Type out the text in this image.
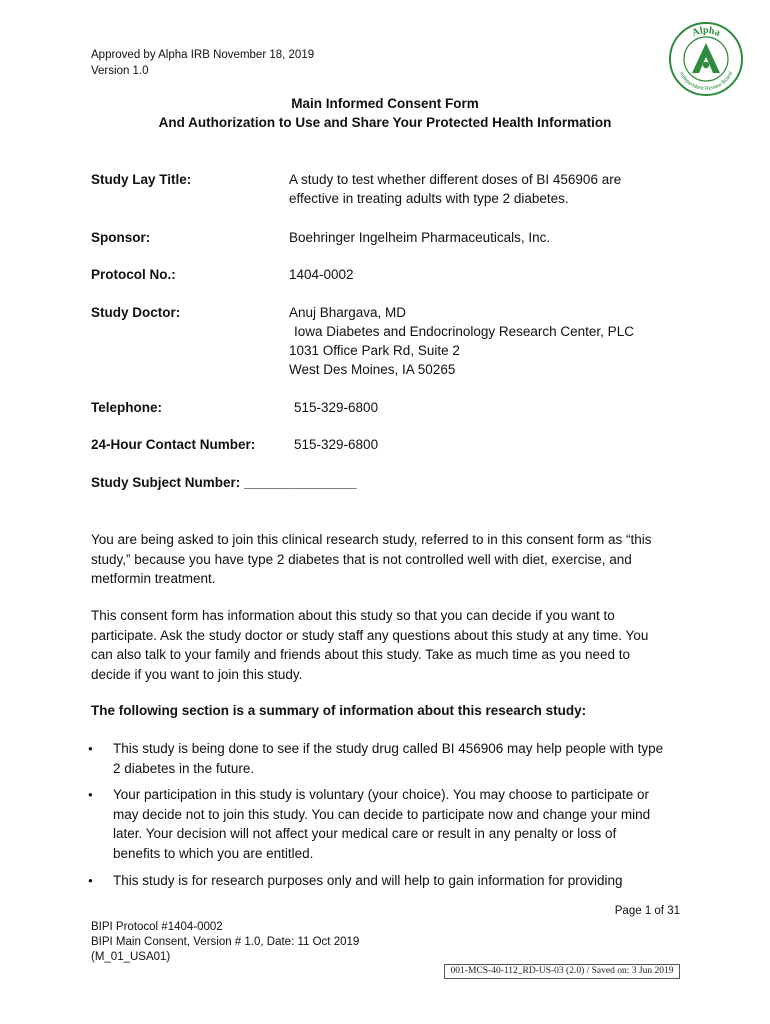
Approved by Alpha IRB November 18, 2019
Version 1.0
Alpha
Independent Review Board
Main Informed Consent Form
And Authorization to Use and Share Your Protected Health Information
Study Lay Title:	A study to test whether different doses of BI 456906 are
effective in treating adults with type 2 diabetes.
Sponsor:	Boehringer Ingelheim Pharmaceuticals, Inc.
Protocol No.:	1404-0002
Study Doctor:	Anuj Bhargava, MD
Iowa Diabetes and Endocrinology Research Center, PLC
1031 Office Park Rd, Suite 2
West Des Moines, IA 50265
Telephone:	515-329-6800
24-Hour Contact Number:	515-329-6800
Study Subject Number: _______________
You are being asked to join this clinical research study, referred to in this consent form as “this
study,” because you have type 2 diabetes that is not controlled well with diet, exercise, and
metformin treatment.
This consent form has information about this study so that you can decide if you want to
participate. Ask the study doctor or study staff any questions about this study at any time. You
can also talk to your family and friends about this study. Take as much time as you need to
decide if you want to join this study.
The following section is a summary of information about this research study:
●	This study is being done to see if the study drug called BI 456906 may help people with type
2 diabetes in the future.
●	Your participation in this study is voluntary (your choice). You may choose to participate or
may decide not to join this study. You can decide to participate now and change your mind
later. Your decision will not affect your medical care or result in any penalty or loss of
benefits to which you are entitled.
●	This study is for research purposes only and will help to gain information for providing
Page 1 of 31
BIPI Protocol #1404-0002
BIPI Main Consent, Version # 1.0, Date: 11 Oct 2019
(M_01_USA01)
001-MCS-40-112_RD-US-03 (2.0) / Saved on: 3 Jun 2019
